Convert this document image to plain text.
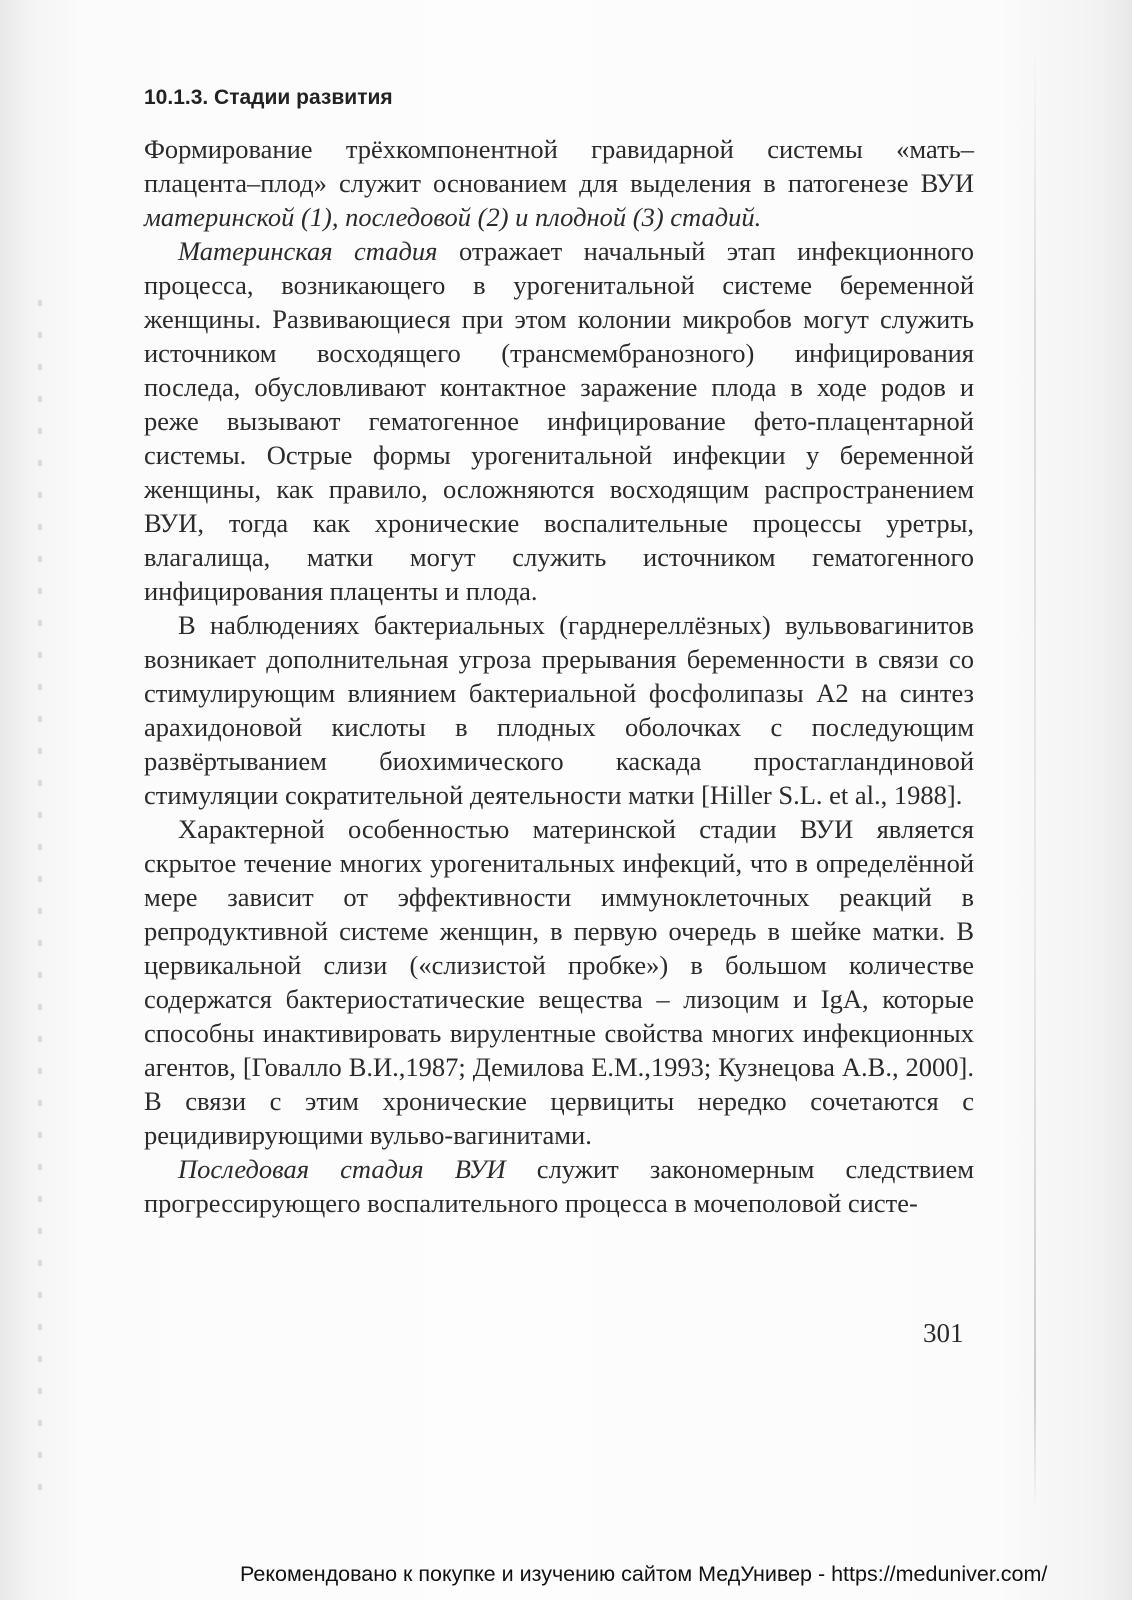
10.1.3. Стадии развития

Формирование трёхкомпонентной гравидарной системы «мать–плацента–плод» служит основанием для выделения в патогенезе ВУИ материнской (1), последовой (2) и плодной (3) стадий.

Материнская стадия отражает начальный этап инфекционного процесса, возникающего в урогенитальной системе беременной женщины. Развивающиеся при этом колонии микробов могут служить источником восходящего (трансмембранозного) инфицирования последа, обусловливают контактное заражение плода в ходе родов и реже вызывают гематогенное инфицирование фето-плацентарной системы. Острые формы урогенитальной инфекции у беременной женщины, как правило, осложняются восходящим распространением ВУИ, тогда как хронические воспалительные процессы уретры, влагалища, матки могут служить источником гематогенного инфицирования плаценты и плода.

В наблюдениях бактериальных (гарднереллёзных) вульвовагинитов возникает дополнительная угроза прерывания беременности в связи со стимулирующим влиянием бактериальной фосфолипазы А2 на синтез арахидоновой кислоты в плодных оболочках с последующим развёртыванием биохимического каскада простагландиновой стимуляции сократительной деятельности матки [Hiller S.L. et al., 1988].

Характерной особенностью материнской стадии ВУИ является скрытое течение многих урогенитальных инфекций, что в определённой мере зависит от эффективности иммуноклеточных реакций в репродуктивной системе женщин, в первую очередь в шейке матки. В цервикальной слизи («слизистой пробке») в большом количестве содержатся бактериостатические вещества – лизоцим и IgA, которые способны инактивировать вирулентные свойства многих инфекционных агентов, [Говалло В.И.,1987; Демилова Е.М.,1993; Кузнецова А.В., 2000]. В связи с этим хронические цервициты нередко сочетаются с рецидивирующими вульво-вагинитами.

Последовая стадия ВУИ служит закономерным следствием прогрессирующего воспалительного процесса в мочеполовой систе-

301
Рекомендовано к покупке и изучению сайтом МедУнивер - https://meduniver.com/
